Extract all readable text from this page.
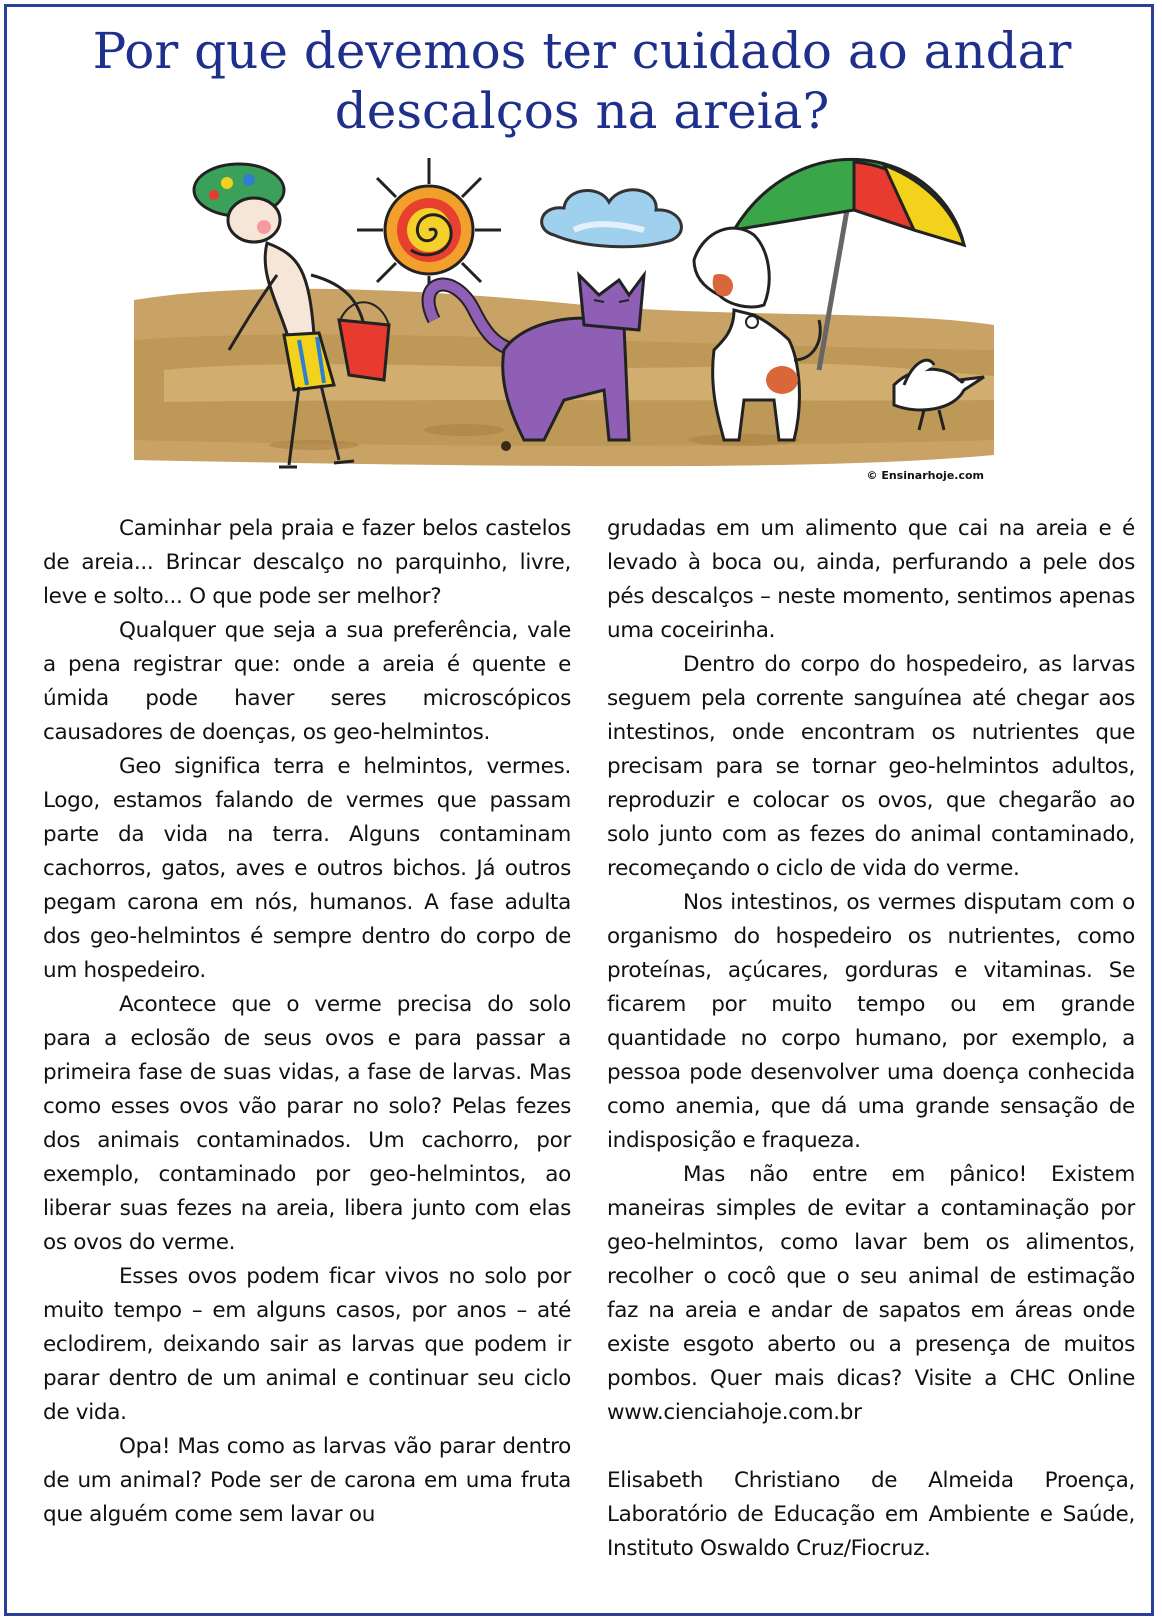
Por que devemos ter cuidado ao andar descalços na areia?
© Ensinarhoje.com

Caminhar pela praia e fazer belos castelos de areia... Brincar descalço no parquinho, livre, leve e solto... O que pode ser melhor?

Qualquer que seja a sua preferência, vale a pena registrar que: onde a areia é quente e úmida pode haver seres microscópicos causadores de doenças, os geo-helmintos.

Geo significa terra e helmintos, vermes. Logo, estamos falando de vermes que passam parte da vida na terra. Alguns contaminam cachorros, gatos, aves e outros bichos. Já outros pegam carona em nós, humanos. A fase adulta dos geo-helmintos é sempre dentro do corpo de um hospedeiro.

Acontece que o verme precisa do solo para a eclosão de seus ovos e para passar a primeira fase de suas vidas, a fase de larvas. Mas como esses ovos vão parar no solo? Pelas fezes dos animais contaminados. Um cachorro, por exemplo, contaminado por geo-helmintos, ao liberar suas fezes na areia, libera junto com elas os ovos do verme.

Esses ovos podem ficar vivos no solo por muito tempo – em alguns casos, por anos – até eclodirem, deixando sair as larvas que podem ir parar dentro de um animal e continuar seu ciclo de vida.

Opa! Mas como as larvas vão parar dentro de um animal? Pode ser de carona em uma fruta que alguém come sem lavar ou

grudadas em um alimento que cai na areia e é levado à boca ou, ainda, perfurando a pele dos pés descalços – neste momento, sentimos apenas uma coceirinha.

Dentro do corpo do hospedeiro, as larvas seguem pela corrente sanguínea até chegar aos intestinos, onde encontram os nutrientes que precisam para se tornar geo-helmintos adultos, reproduzir e colocar os ovos, que chegarão ao solo junto com as fezes do animal contaminado, recomeçando o ciclo de vida do verme.

Nos intestinos, os vermes disputam com o organismo do hospedeiro os nutrientes, como proteínas, açúcares, gorduras e vitaminas. Se ficarem por muito tempo ou em grande quantidade no corpo humano, por exemplo, a pessoa pode desenvolver uma doença conhecida como anemia, que dá uma grande sensação de indisposição e fraqueza.

Mas não entre em pânico! Existem maneiras simples de evitar a contaminação por geo-helmintos, como lavar bem os alimentos, recolher o cocô que o seu animal de estimação faz na areia e andar de sapatos em áreas onde existe esgoto aberto ou a presença de muitos pombos. Quer mais dicas? Visite a CHC Online www.cienciahoje.com.br

Elisabeth Christiano de Almeida Proença, Laboratório de Educação em Ambiente e Saúde, Instituto Oswaldo Cruz/Fiocruz.
